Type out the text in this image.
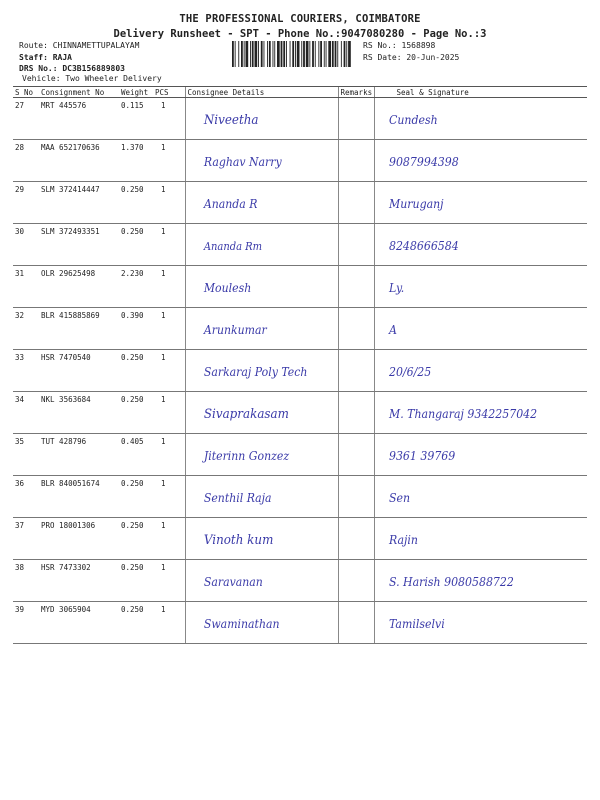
THE PROFESSIONAL COURIERS, COIMBATORE
Delivery Runsheet - SPT - Phone No.:9047080280 - Page No.:3
Route: CHINNAMETTUPALAYAM
Staff: RAJA
DRS No.: DC3B156889803
Vehicle: Two Wheeler Delivery
RS No.: 1568898
RS Date: 20-Jun-2025
S No	Consignment No	Weight	PCS	Consignee Details	Remarks	Seal & Signature
27	MRT 445576	0.115	1	Niveetha		Cundesh

28	MAA 652170636	1.370	1	Raghav Narry		9087994398

29	SLM 372414447	0.250	1	Ananda R		Muruganj

30	SLM 372493351	0.250	1	Ananda Rm		8248666584

31	OLR 29625498	2.230	1	Moulesh		Ly.

32	BLR 415885869	0.390	1	Arunkumar		A

33	HSR 7470540	0.250	1	Sarkaraj Poly Tech		20/6/25

34	NKL 3563684	0.250	1	Sivaprakasam		M. Thangaraj 9342257042

35	TUT 428796	0.405	1	Jiterinn Gonzez		9361 39769

36	BLR 840051674	0.250	1	Senthil Raja		Sen

37	PRO 18001306	0.250	1	Vinoth kum		Rajin

38	HSR 7473302	0.250	1	Saravanan		S. Harish 9080588722

39	MYD 3065904	0.250	1	Swaminathan		Tamilselvi
